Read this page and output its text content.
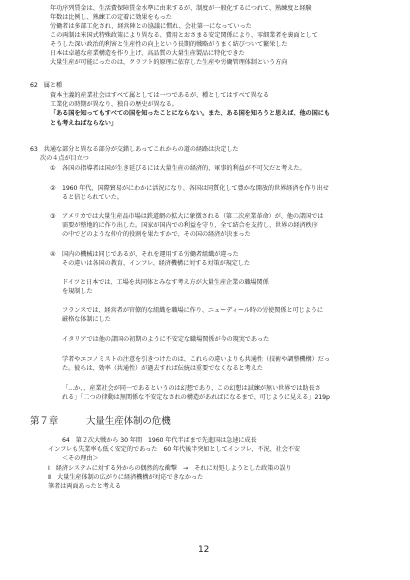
年功序列賃金は、生活費保障賃金水準に由来するが、制度が一般化するにつれて、熟練度と経験
年数は比例し、熟練工の定着に効果をもった
労働者は多部工化され、経営陣との協議に慣れ、会社第一になっていった
この両制は米国式特殊政策により異なる、費用とおさまる安定関係により、零細業者を裏面として
そうした深い政治的利害と生産性の向上という長期的戦略がうまく結びついて繁栄した
日本は卓越な産業構造を作り上げ、高品質の大量生産製品に特化できた
大量生産が可能にったのは、クラフト的原理に依存した生産や労働管理体制という方向
62　属と種
資本主義的産業社会はすべて属としては一つであるが、種としてはすべて異なる
工業化の時期が異なり、独自の歴史が異なる。
「ある国を知ってもすべての国を知ったことにならない。また、ある国を知ろうと思えば、他の国にも
とも考えねばならない」
63　共通な部分と異なる部分が交錯しあってこれからの道の経路は決定した
次の４点が目立つ
① 各国の指導者は国が生き延びるには大量生産の経済的、軍事的利益が不可欠だと考えた。
② 1960 年代、国際貿易がにわかに活況になり、各国は同質化して豊かな開放的世界経済を作り出せ
ると信じられていた。
③ アメリカでは大量生産品市場は鉄道網の拡大に象徴される（第二次産業革命）が、他の諸国では
需要が整地的に作り出した。国家が国内での利益を守り、全て結合を支持し、世界の経済秩序
の中でどのような仲介的役割を果たすかで、その国の経済が決まった
④ 国内の機械は同じであるが、それを運用する労働者組織が違った
その違いは各国の教育、インフレ、経済機構に対する対策が規定した
ドイツと日本では、工場を共同体とみなす考え方が大量生産企業の職場関係
を規制した
フランスでは、経営者が官僚的な組織を職場に作り、ニューディール時の労使関係と可じように
厳格な体制にした
イタリアでは他の諸国の初期のように不安定な職場関係が今の現実であった
学者やエコノミストの注意を引きつけたのは、これらの違いよりも共通性（技術や調整機構）だっ
た。彼らは、効率（共通性）が過去すれば伝統は重要でなくなると考えた
「…か、、産業社会が同一であるというのは幻想であり、この幻想は試練が無い世界では助長さ
れる」「二つの律動は無関係な不安定なされの構造があればになるまで、可じように見える」219p
第７章	大量生産体制の危機
64　第２次大戦から 30 年間　1960 年代半ばまで先進国は急速に成長
インフレも失業率も低く安定的であった　60 年代後半突如としてインフレ、不況、社会不安
＜その理由＞
Ⅰ　経済システムに対する外からの偶然的な衝撃　→　それに対処しようとした政策の誤り
Ⅱ　大量生産体制の広がりに経済機構が対応できなかった
筆者は両面あったと考える
12
